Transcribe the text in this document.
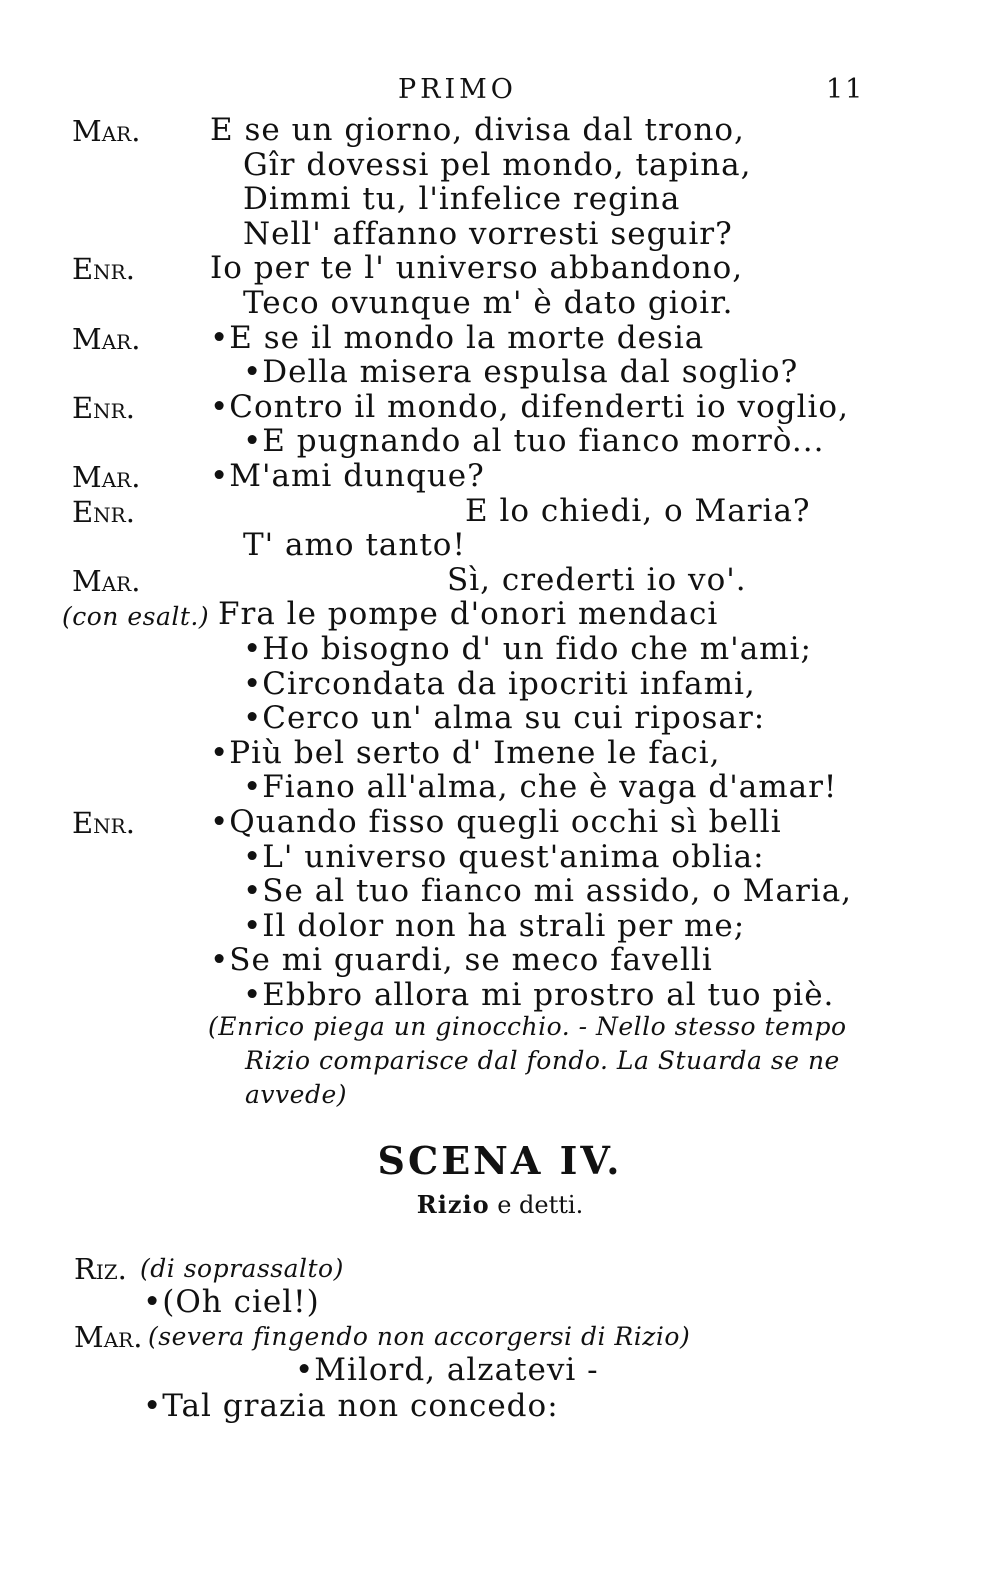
PRIMO	11
Mar. E se un giorno, divisa dal trono,
Gîr dovessi pel mondo, tapina,
Dimmi tu, l'infelice regina
Nell' affanno vorresti seguir?
Enr. Io per te l' universo abbandono,
Teco ovunque m' è dato gioir.
Mar. •E se il mondo la morte desia
•Della misera espulsa dal soglio?
Enr. •Contro il mondo, difenderti io voglio,
•E pugnando al tuo fianco morrò...
Mar. •M'ami dunque?
Enr.	E lo chiedi, o Maria?
T' amo tanto!
Mar.	Sì, crederti io vo'.
(con esalt.) Fra le pompe d'onori mendaci
•Ho bisogno d' un fido che m'ami;
•Circondata da ipocriti infami,
•Cerco un' alma su cui riposar:
•Più bel serto d' Imene le faci,
•Fiano all'alma, che è vaga d'amar!
Enr. •Quando fisso quegli occhi sì belli
•L' universo quest'anima oblia:
•Se al tuo fianco mi assido, o Maria,
•Il dolor non ha strali per me;
•Se mi guardi, se meco favelli
•Ebbro allora mi prostro al tuo piè.
(Enrico piega un ginocchio. - Nello stesso tempo
Rizio comparisce dal fondo. La Stuarda se ne
avvede)
SCENA IV.
Rizio e detti.
Riz. (di soprassalto)
•(Oh ciel!)
Mar. (severa fingendo non accorgersi di Rizio)
•Milord, alzatevi -
•Tal grazia non concedo:
